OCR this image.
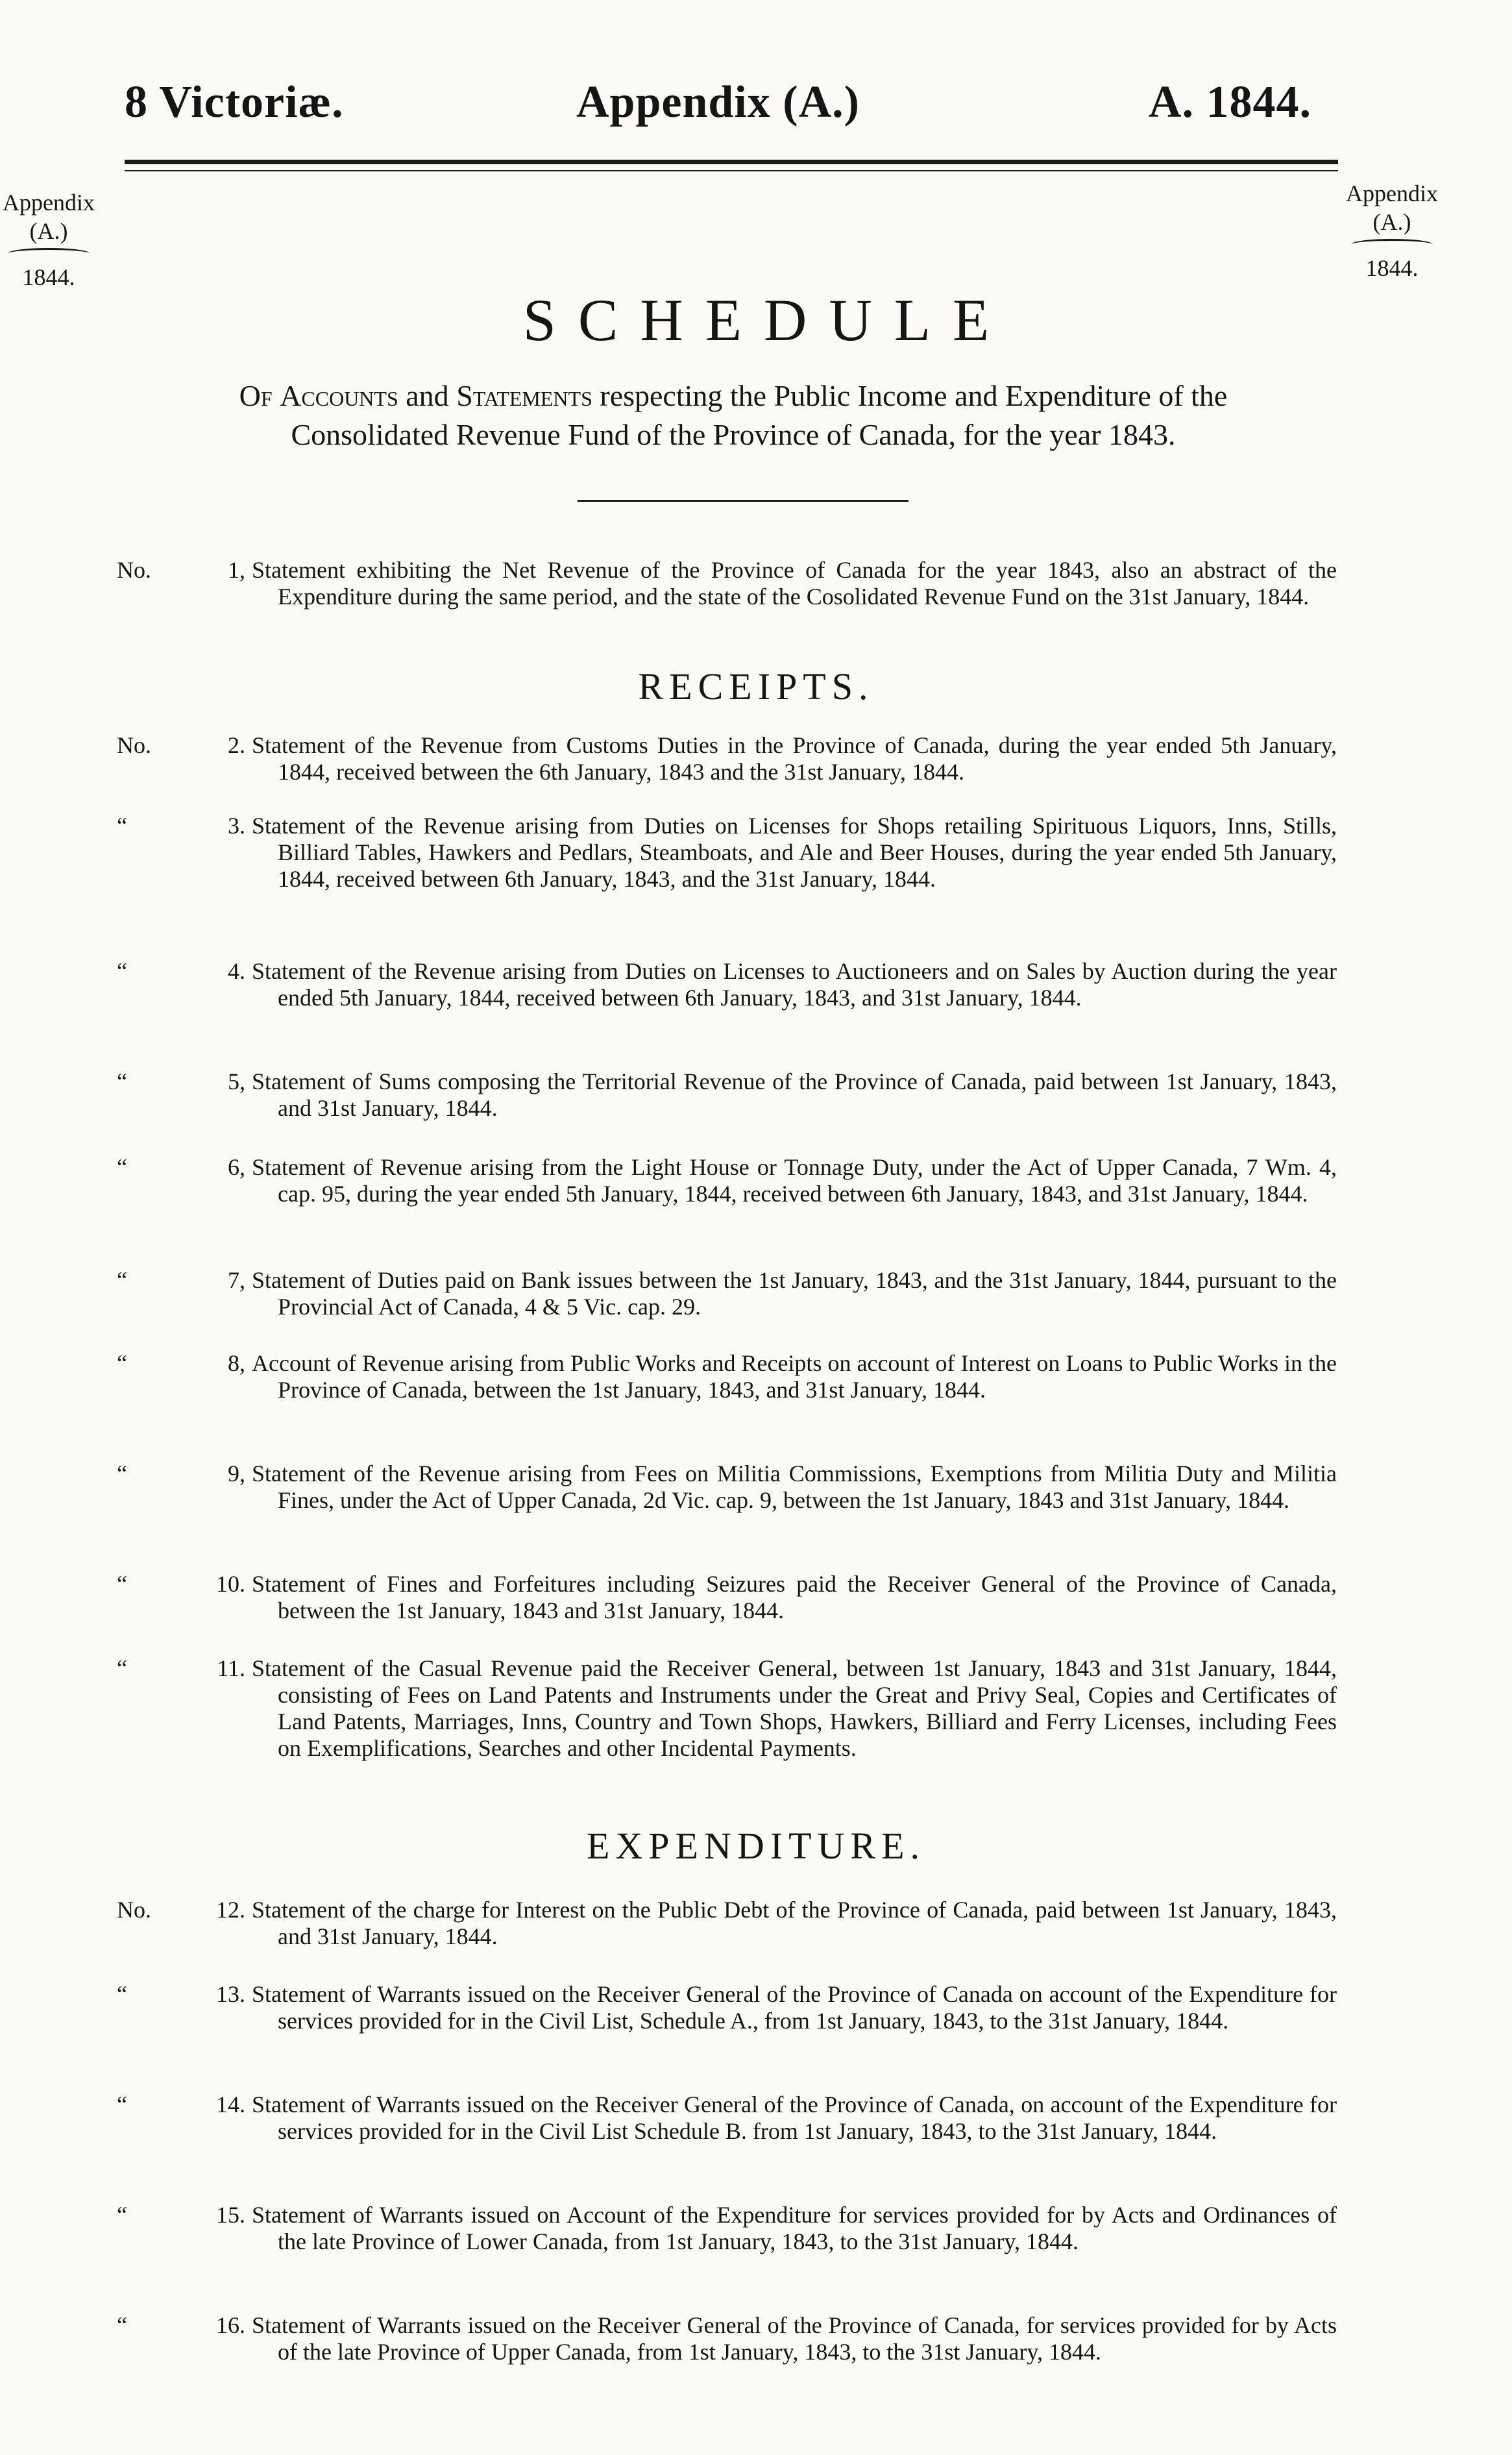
8 Victoriæ.	Appendix (A.)	A. 1844.
Appendix
(A.)
1844.
Appendix
(A.)
1844.
SCHEDULE
Of Accounts and Statements respecting the Public Income and Expenditure of the
Consolidated Revenue Fund of the Province of Canada, for the year 1843.
RECEIPTS.
EXPENDITURE.
No.	1, Statement exhibiting the Net Revenue of the Province of Canada for the year 1843, also an abstract of the Expenditure during the same period, and the state of the Cosolidated Revenue Fund on the 31st January, 1844.
No.	2. Statement of the Revenue from Customs Duties in the Province of Canada, during the year ended 5th January, 1844, received between the 6th January, 1843 and the 31st January, 1844.
“	3. Statement of the Revenue arising from Duties on Licenses for Shops retailing Spirituous Liquors, Inns, Stills, Billiard Tables, Hawkers and Pedlars, Steamboats, and Ale and Beer Houses, during the year ended 5th January, 1844, received between 6th January, 1843, and the 31st January, 1844.
“	4. Statement of the Revenue arising from Duties on Licenses to Auctioneers and on Sales by Auction during the year ended 5th January, 1844, received between 6th January, 1843, and 31st January, 1844.
“	5, Statement of Sums composing the Territorial Revenue of the Province of Canada, paid between 1st January, 1843, and 31st January, 1844.
“	6, Statement of Revenue arising from the Light House or Tonnage Duty, under the Act of Upper Canada, 7 Wm. 4, cap. 95, during the year ended 5th January, 1844, received between 6th January, 1843, and 31st January, 1844.
“	7, Statement of Duties paid on Bank issues between the 1st January, 1843, and the 31st January, 1844, pursuant to the Provincial Act of Canada, 4 & 5 Vic. cap. 29.
“	8, Account of Revenue arising from Public Works and Receipts on account of Interest on Loans to Public Works in the Province of Canada, between the 1st January, 1843, and 31st January, 1844.
“	9, Statement of the Revenue arising from Fees on Militia Commissions, Exemptions from Militia Duty and Militia Fines, under the Act of Upper Canada, 2d Vic. cap. 9, between the 1st January, 1843 and 31st January, 1844.
“	10. Statement of Fines and Forfeitures including Seizures paid the Receiver General of the Province of Canada, between the 1st January, 1843 and 31st January, 1844.
“	11. Statement of the Casual Revenue paid the Receiver General, between 1st January, 1843 and 31st January, 1844, consisting of Fees on Land Patents and Instruments under the Great and Privy Seal, Copies and Certificates of Land Patents, Marriages, Inns, Country and Town Shops, Hawkers, Billiard and Ferry Licenses, including Fees on Exemplifications, Searches and other Incidental Payments.
No.	12. Statement of the charge for Interest on the Public Debt of the Province of Canada, paid between 1st January, 1843, and 31st January, 1844.
“	13. Statement of Warrants issued on the Receiver General of the Province of Canada on account of the Expenditure for services provided for in the Civil List, Schedule A., from 1st January, 1843, to the 31st January, 1844.
“	14. Statement of Warrants issued on the Receiver General of the Province of Canada, on account of the Expenditure for services provided for in the Civil List Schedule B. from 1st January, 1843, to the 31st January, 1844.
“	15. Statement of Warrants issued on Account of the Expenditure for services provided for by Acts and Ordinances of the late Province of Lower Canada, from 1st January, 1843, to the 31st January, 1844.
“	16. Statement of Warrants issued on the Receiver General of the Province of Canada, for services provided for by Acts of the late Province of Upper Canada, from 1st January, 1843, to the 31st January, 1844.
